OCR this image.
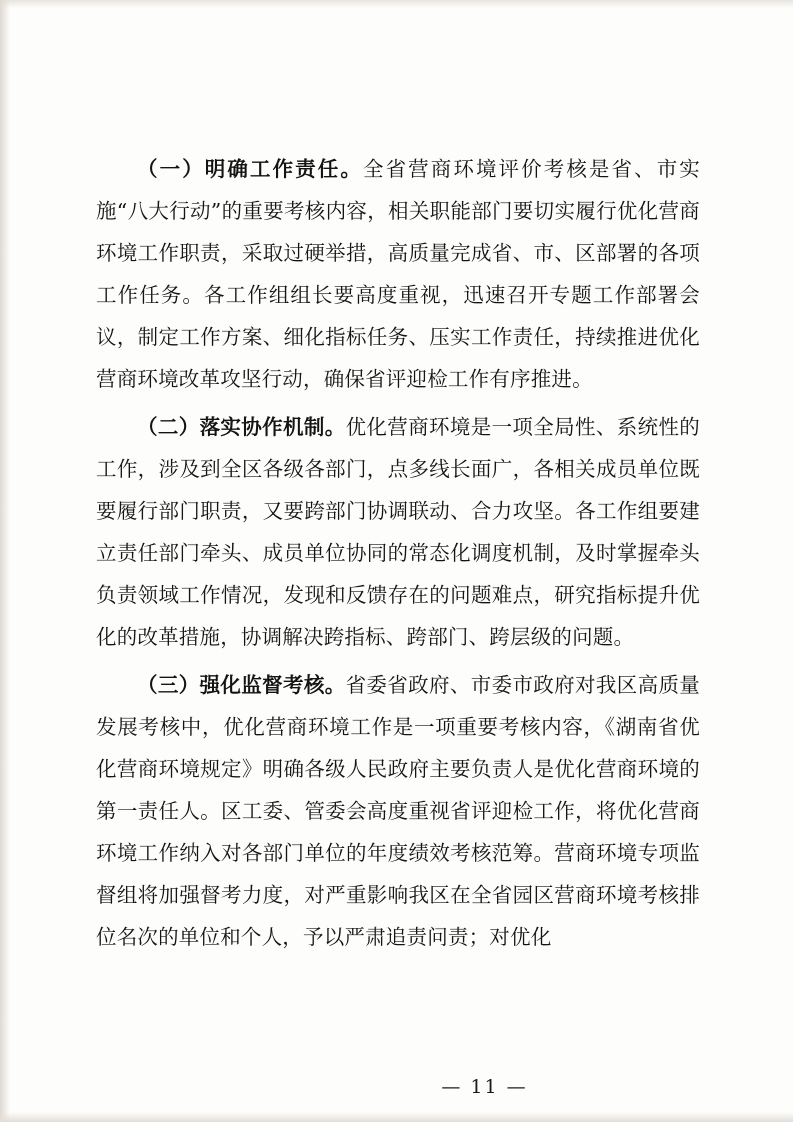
（一）明确工作责任。全省营商环境评价考核是省、市实施“八大行动”的重要考核内容，相关职能部门要切实履行优化营商环境工作职责，采取过硬举措，高质量完成省、市、区部署的各项工作任务。各工作组组长要高度重视，迅速召开专题工作部署会议，制定工作方案、细化指标任务、压实工作责任，持续推进优化营商环境改革攻坚行动，确保省评迎检工作有序推进。

（二）落实协作机制。优化营商环境是一项全局性、系统性的工作，涉及到全区各级各部门，点多线长面广，各相关成员单位既要履行部门职责，又要跨部门协调联动、合力攻坚。各工作组要建立责任部门牵头、成员单位协同的常态化调度机制，及时掌握牵头负责领域工作情况，发现和反馈存在的问题难点，研究指标提升优化的改革措施，协调解决跨指标、跨部门、跨层级的问题。

（三）强化监督考核。省委省政府、市委市政府对我区高质量发展考核中，优化营商环境工作是一项重要考核内容，《湖南省优化营商环境规定》明确各级人民政府主要负责人是优化营商环境的第一责任人。区工委、管委会高度重视省评迎检工作，将优化营商环境工作纳入对各部门单位的年度绩效考核范筹。营商环境专项监督组将加强督考力度，对严重影响我区在全省园区营商环境考核排位名次的单位和个人，予以严肃追责问责；对优化

— 11 —
